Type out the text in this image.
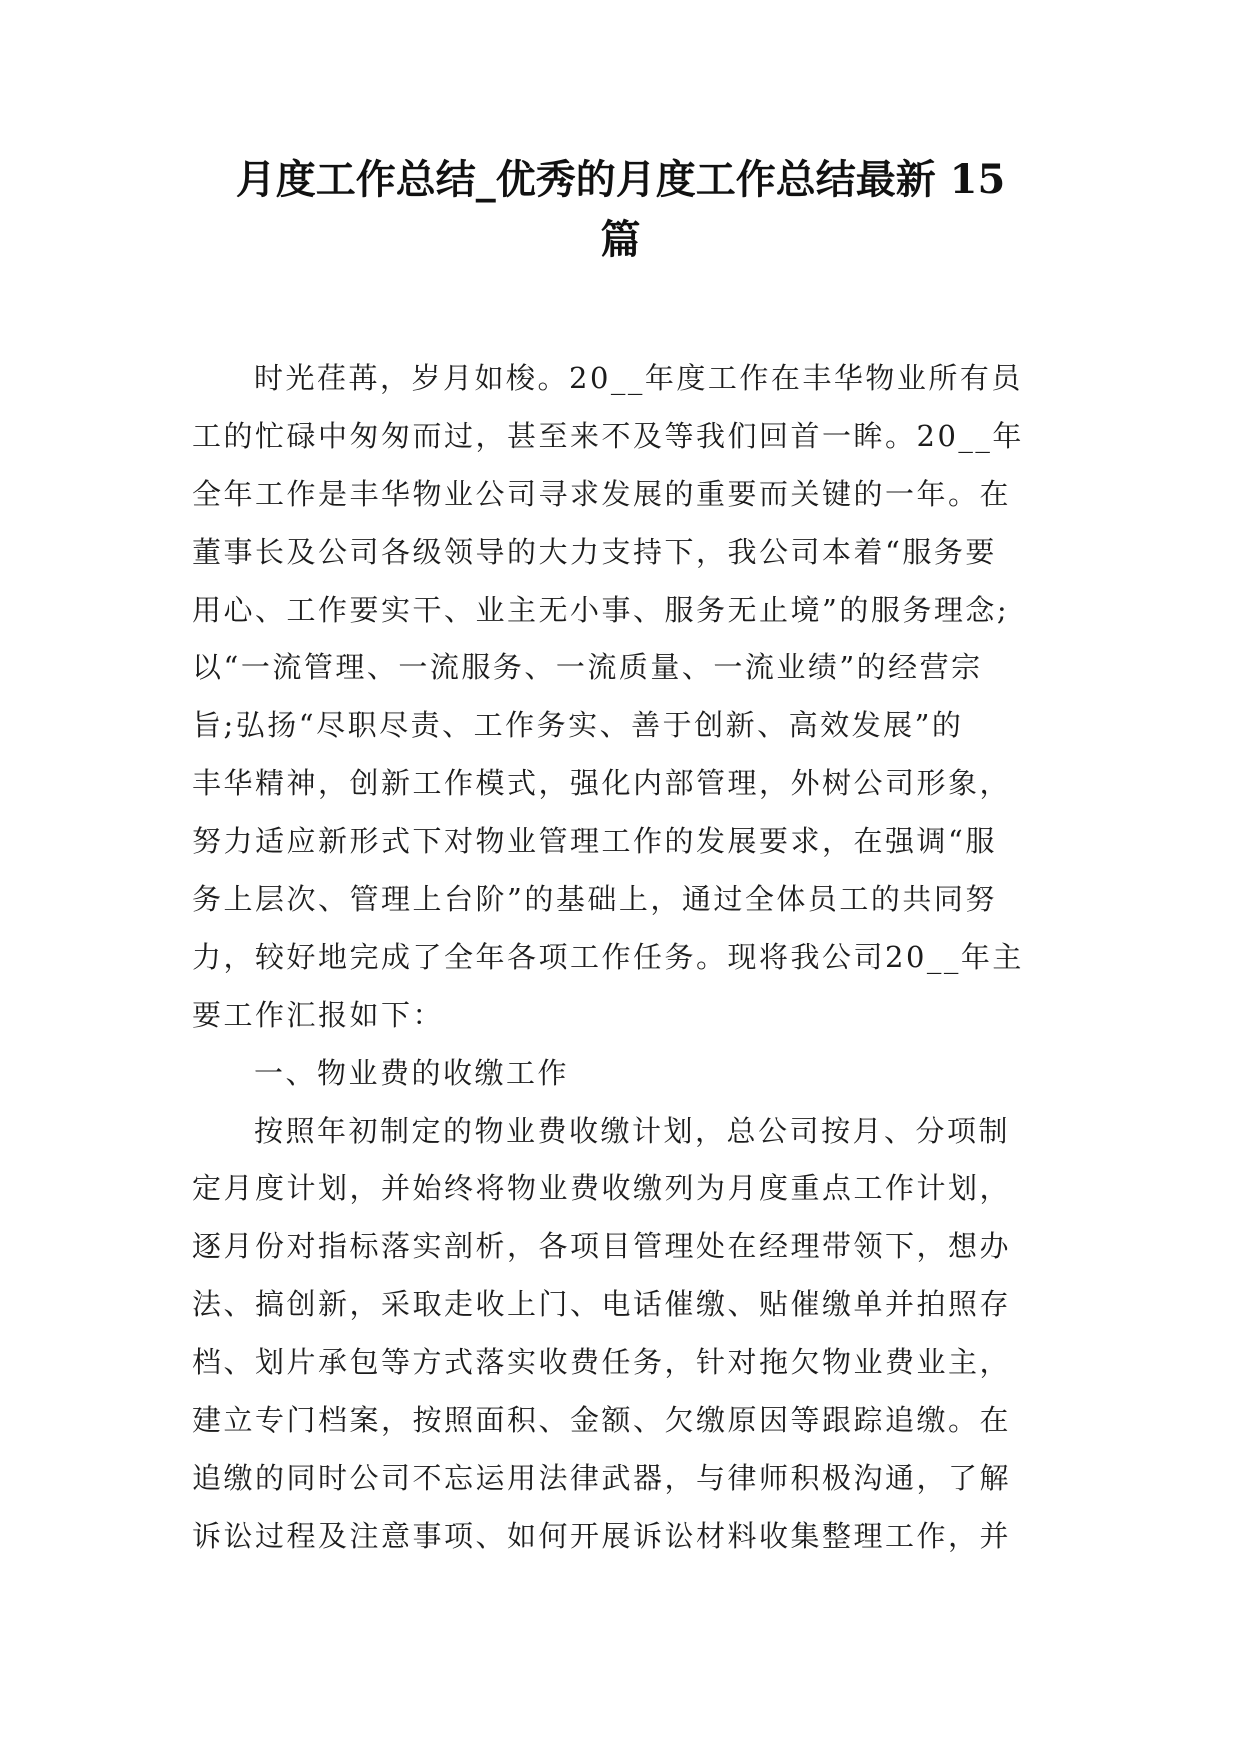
月度工作总结_优秀的月度工作总结最新 15
篇
时光荏苒，岁月如梭。20__年度工作在丰华物业所有员
工的忙碌中匆匆而过，甚至来不及等我们回首一眸。20__年
全年工作是丰华物业公司寻求发展的重要而关键的一年。在
董事长及公司各级领导的大力支持下，我公司本着“服务要
用心、工作要实干、业主无小事、服务无止境”的服务理念;
以“一流管理、一流服务、一流质量、一流业绩”的经营宗
旨;弘扬“尽职尽责、工作务实、善于创新、高效发展”的
丰华精神，创新工作模式，强化内部管理，外树公司形象，
努力适应新形式下对物业管理工作的发展要求，在强调“服
务上层次、管理上台阶”的基础上，通过全体员工的共同努
力，较好地完成了全年各项工作任务。现将我公司20__年主
要工作汇报如下：
一、物业费的收缴工作
按照年初制定的物业费收缴计划，总公司按月、分项制
定月度计划，并始终将物业费收缴列为月度重点工作计划，
逐月份对指标落实剖析，各项目管理处在经理带领下，想办
法、搞创新，采取走收上门、电话催缴、贴催缴单并拍照存
档、划片承包等方式落实收费任务，针对拖欠物业费业主，
建立专门档案，按照面积、金额、欠缴原因等跟踪追缴。在
追缴的同时公司不忘运用法律武器，与律师积极沟通，了解
诉讼过程及注意事项、如何开展诉讼材料收集整理工作，并
